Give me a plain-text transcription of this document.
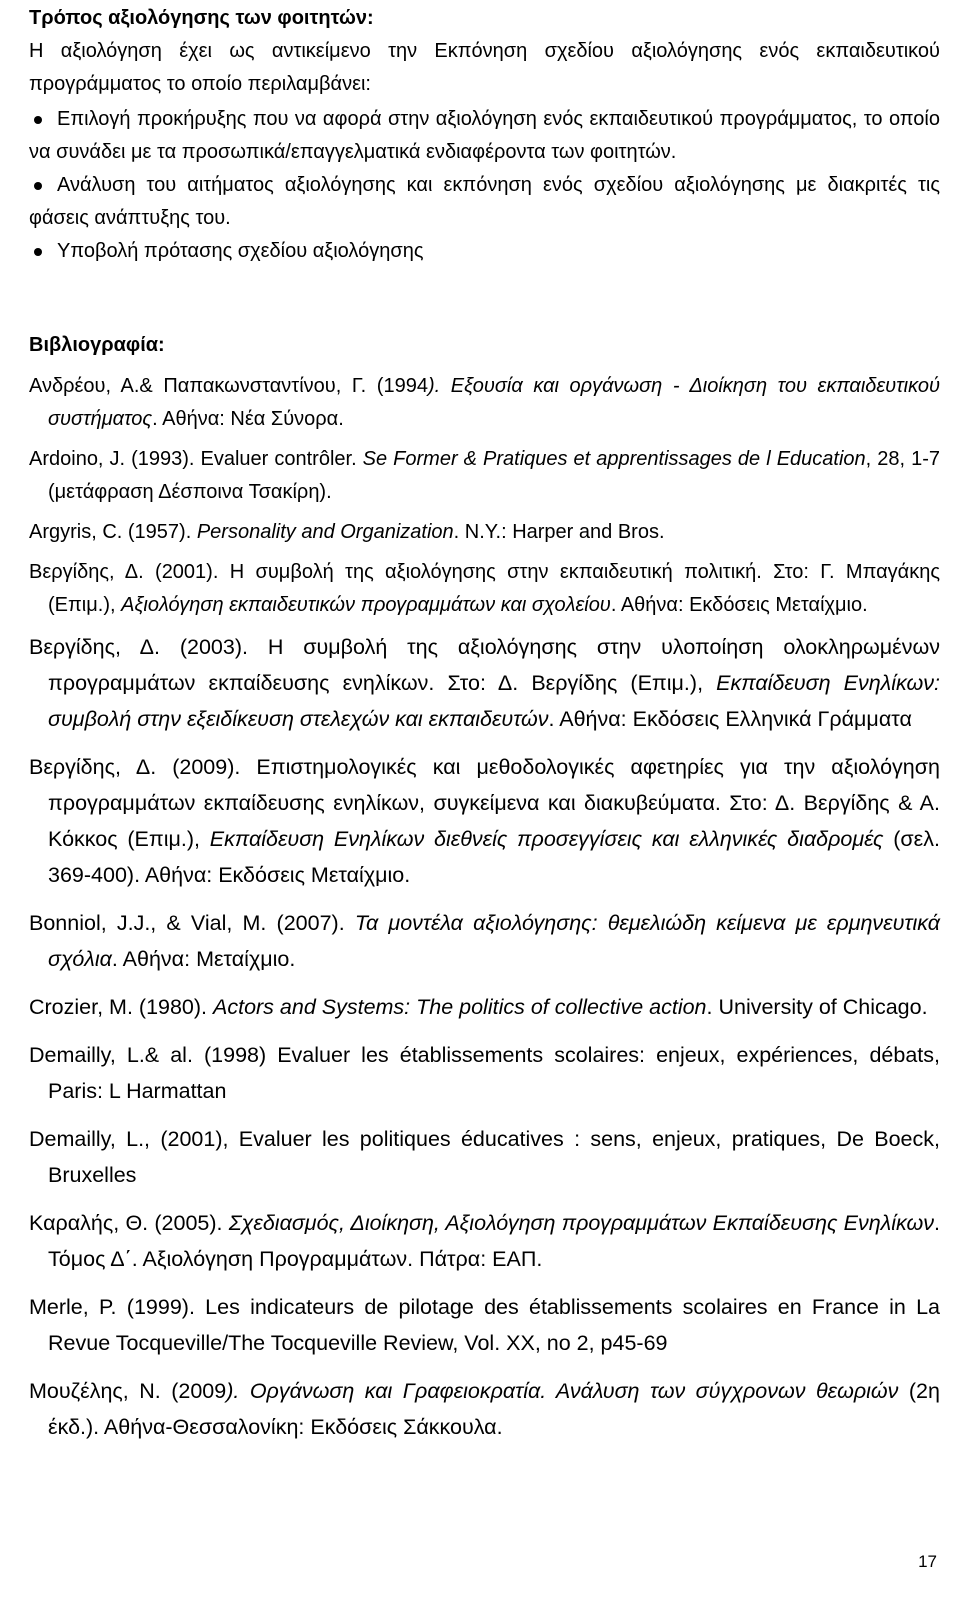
Τρόπος αξιολόγησης των φοιτητών:

Η αξιολόγηση έχει ως αντικείμενο την Εκπόνηση σχεδίου αξιολόγησης ενός εκπαιδευτικού προγράμματος το οποίο περιλαμβάνει:

Επιλογή προκήρυξης που να αφορά στην αξιολόγηση ενός εκπαιδευτικού προγράμματος, το οποίο να συνάδει με τα προσωπικά/επαγγελματικά ενδιαφέροντα των φοιτητών.
Ανάλυση του αιτήματος αξιολόγησης και εκπόνηση ενός σχεδίου αξιολόγησης με διακριτές τις φάσεις ανάπτυξης του.
Υποβολή πρότασης σχεδίου αξιολόγησης

Βιβλιογραφία:

Ανδρέου, Α.& Παπακωνσταντίνου, Γ. (1994). Εξουσία και οργάνωση - Διοίκηση του εκπαιδευτικού συστήματος. Αθήνα: Νέα Σύνορα.
Ardoino, J. (1993). Evaluer contrôler. Se Former & Pratiques et apprentissages de l Education, 28, 1-7 (μετάφραση Δέσποινα Τσακίρη).
Argyris, C. (1957). Personality and Organization. N.Y.: Harper and Bros.
Βεργίδης, Δ. (2001). Η συμβολή της αξιολόγησης στην εκπαιδευτική πολιτική. Στο: Γ. Μπαγάκης (Επιμ.), Αξιολόγηση εκπαιδευτικών προγραμμάτων και σχολείου. Αθήνα: Εκδόσεις Μεταίχμιο.
Βεργίδης, Δ. (2003). Η συμβολή της αξιολόγησης στην υλοποίηση ολοκληρωμένων προγραμμάτων εκπαίδευσης ενηλίκων. Στο: Δ. Βεργίδης (Επιμ.), Εκπαίδευση Ενηλίκων: συμβολή στην εξειδίκευση στελεχών και εκπαιδευτών. Αθήνα: Εκδόσεις Ελληνικά Γράμματα
Βεργίδης, Δ. (2009). Επιστημολογικές και μεθοδολογικές αφετηρίες για την αξιολόγηση προγραμμάτων εκπαίδευσης ενηλίκων, συγκείμενα και διακυβεύματα. Στο: Δ. Βεργίδης & Α. Κόκκος (Επιμ.), Εκπαίδευση Ενηλίκων διεθνείς προσεγγίσεις και ελληνικές διαδρομές (σελ. 369-400). Αθήνα: Εκδόσεις Μεταίχμιο.
Bonniol, J.J., & Vial, M. (2007). Τα μοντέλα αξιολόγησης: θεμελιώδη κείμενα με ερμηνευτικά σχόλια. Αθήνα: Μεταίχμιο.
Crozier, M. (1980). Actors and Systems: The politics of collective action. University of Chicago.
Demailly, L.& al. (1998) Evaluer les établissements scolaires: enjeux, expériences, débats, Paris: L Harmattan
Demailly, L., (2001), Evaluer les politiques éducatives : sens, enjeux, pratiques, De Boeck, Bruxelles
Καραλής, Θ. (2005). Σχεδιασμός, Διοίκηση, Αξιολόγηση προγραμμάτων Εκπαίδευσης Ενηλίκων. Τόμος Δ΄. Αξιολόγηση Προγραμμάτων. Πάτρα: ΕΑΠ.
Merle, P. (1999). Les indicateurs de pilotage des établissements scolaires en France in La Revue Tocqueville/The Tocqueville Review, Vol. XX, no 2, p45-69
Μουζέλης, Ν. (2009). Οργάνωση και Γραφειοκρατία. Ανάλυση των σύγχρονων θεωριών (2η έκδ.). Αθήνα-Θεσσαλονίκη: Εκδόσεις Σάκκουλα.
17
